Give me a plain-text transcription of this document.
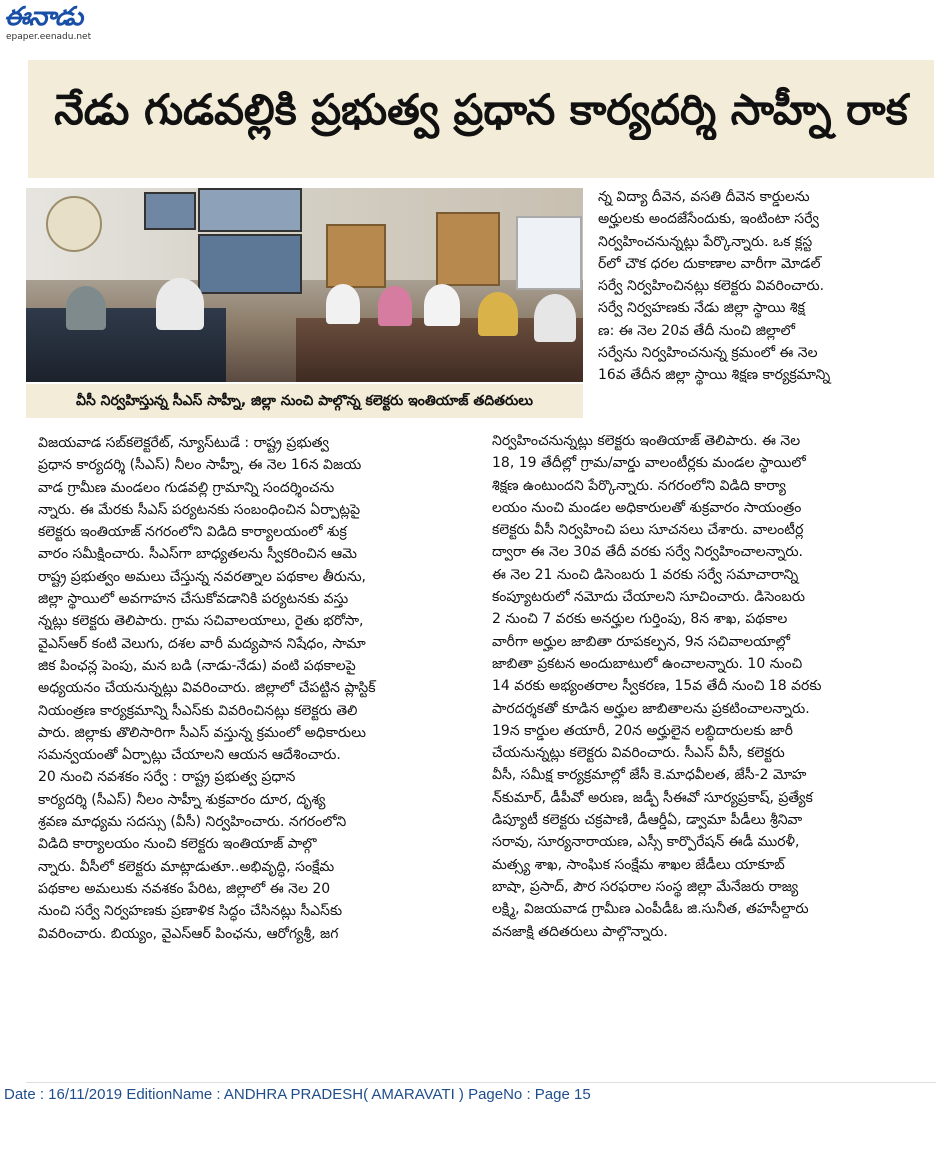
ఈనాడు
epaper.eenadu.net
నేడు గుడవల్లికి ప్రభుత్వ ప్రధాన కార్యదర్శి సాహ్నీ రాక
వీసీ నిర్వహిస్తున్న సీఎస్‌ సాహ్నీ, జిల్లా నుంచి పాల్గొన్న కలెక్టరు ఇంతియాజ్‌ తదితరులు
న్న విద్యా దీవెన, వసతి దీవెన కార్డులను
అర్హులకు అందజేసేందుకు, ఇంటింటా సర్వే
నిర్వహించనున్నట్లు పేర్కొన్నారు. ఒక క్లస్ట
ర్‌లో చౌక ధరల దుకాణాల వారీగా మోడల్‌
సర్వే నిర్వహించినట్లు కలెక్టరు వివరించారు.
సర్వే నిర్వహణకు నేడు జిల్లా స్థాయి శిక్ష
ణ: ఈ నెల 20వ తేదీ నుంచి జిల్లాలో
సర్వేను నిర్వహించనున్న క్రమంలో ఈ నెల
16వ తేదీన జిల్లా స్థాయి శిక్షణ కార్యక్రమాన్ని
విజయవాడ సబ్‌కలెక్టరేట్‌, న్యూస్‌టుడే : రాష్ట్ర ప్రభుత్వ
ప్రధాన కార్యదర్శి (సీఎస్‌) నీలం సాహ్నీ, ఈ నెల 16న విజయ
వాడ గ్రామీణ మండలం గుడవల్లి గ్రామాన్ని సందర్శించను
న్నారు. ఈ మేరకు సీఎస్‌ పర్యటనకు సంబంధించిన ఏర్పాట్లపై
కలెక్టరు ఇంతియాజ్‌ నగరంలోని విడిది కార్యాలయంలో శుక్ర
వారం సమీక్షించారు. సీఎస్‌గా బాధ్యతలను స్వీకరించిన ఆమె
రాష్ట్ర ప్రభుత్వం అమలు చేస్తున్న నవరత్నాల పథకాల తీరును,
జిల్లా స్థాయిలో అవగాహన చేసుకోవడానికి పర్యటనకు వస్తు
న్నట్లు కలెక్టరు తెలిపారు. గ్రామ సచివాలయాలు, రైతు భరోసా,
వైఎస్‌ఆర్‌ కంటి వెలుగు, దశల వారీ మద్యపాన నిషేధం, సామా
జిక పింఛన్ల పెంపు, మన బడి (నాడు-నేడు) వంటి పథకాలపై
అధ్యయనం చేయనున్నట్లు వివరించారు. జిల్లాలో చేపట్టిన ప్లాస్టిక్‌
నియంత్రణ కార్యక్రమాన్ని సీఎస్‌కు వివరించినట్లు కలెక్టరు తెలి
పారు. జిల్లాకు తొలిసారిగా సీఎస్‌ వస్తున్న క్రమంలో అధికారులు
సమన్వయంతో ఏర్పాట్లు చేయాలని ఆయన ఆదేశించారు.
20 నుంచి నవశకం సర్వే : రాష్ట్ర ప్రభుత్వ ప్రధాన
కార్యదర్శి (సీఎస్‌) నీలం సాహ్నీ శుక్రవారం దూర, దృశ్య
శ్రవణ మాధ్యమ సదస్సు (వీసీ) నిర్వహించారు. నగరంలోని
విడిది కార్యాలయం నుంచి కలెక్టరు ఇంతియాజ్‌ పాల్గొ
న్నారు. వీసీలో కలెక్టరు మాట్లాడుతూ..అభివృద్ధి, సంక్షేమ
పథకాల అమలుకు నవశకం పేరిట, జిల్లాలో ఈ నెల 20
నుంచి సర్వే నిర్వహణకు ప్రణాళిక సిద్ధం చేసినట్లు సీఎస్‌కు
వివరించారు. బియ్యం, వైఎస్‌ఆర్‌ పింఛను, ఆరోగ్యశ్రీ, జగ
నిర్వహించనున్నట్లు కలెక్టరు ఇంతియాజ్‌ తెలిపారు. ఈ నెల
18, 19 తేదీల్లో గ్రామ/వార్డు వాలంటీర్లకు మండల స్థాయిలో
శిక్షణ ఉంటుందని పేర్కొన్నారు. నగరంలోని విడిది కార్యా
లయం నుంచి మండల అధికారులతో శుక్రవారం సాయంత్రం
కలెక్టరు వీసీ నిర్వహించి పలు సూచనలు చేశారు. వాలంటీర్ల
ద్వారా ఈ నెల 30వ తేదీ వరకు సర్వే నిర్వహించాలన్నారు.
ఈ నెల 21 నుంచి డిసెంబరు 1 వరకు సర్వే సమాచారాన్ని
కంప్యూటరులో నమోదు చేయాలని సూచించారు. డిసెంబరు
2 నుంచి 7 వరకు అనర్హుల గుర్తింపు, 8న శాఖ, పథకాల
వారీగా అర్హుల జాబితా రూపకల్పన, 9న సచివాలయాల్లో
జాబితా ప్రకటన అందుబాటులో ఉంచాలన్నారు. 10 నుంచి
14 వరకు అభ్యంతరాల స్వీకరణ, 15వ తేదీ నుంచి 18 వరకు
పారదర్శకతో కూడిన అర్హుల జాబితాలను ప్రకటించాలన్నారు.
19న కార్డుల తయారీ, 20న అర్హులైన లబ్ధిదారులకు జారీ
చేయనున్నట్లు కలెక్టరు వివరించారు. సీఎస్‌ వీసీ, కలెక్టరు
వీసీ, సమీక్ష కార్యక్రమాల్లో జేసీ కె.మాధవీలత, జేసీ-2 మోహ
న్‌కుమార్‌, డీపీవో అరుణ, జడ్పీ సీఈవో సూర్యప్రకాష్‌, ప్రత్యేక
డిప్యూటీ కలెక్టరు చక్రపాణి, డీఆర్డీఏ, డ్వామా పీడీలు శ్రీనివా
సరావు, సూర్యనారాయణ, ఎస్సీ కార్పొరేషన్‌ ఈడీ మురళీ,
మత్స్య శాఖ, సాంఘిక సంక్షేమ శాఖల జేడీలు యాకూబ్‌
బాషా, ప్రసాద్‌, పౌర సరఫరాల సంస్థ జిల్లా మేనేజరు రాజ్య
లక్ష్మి, విజయవాడ గ్రామీణ ఎంపీడీఓ జి.సునీత, తహసీల్దారు
వనజాక్షి తదితరులు పాల్గొన్నారు.
Date : 16/11/2019 EditionName : ANDHRA PRADESH( AMARAVATI ) PageNo : Page 15
